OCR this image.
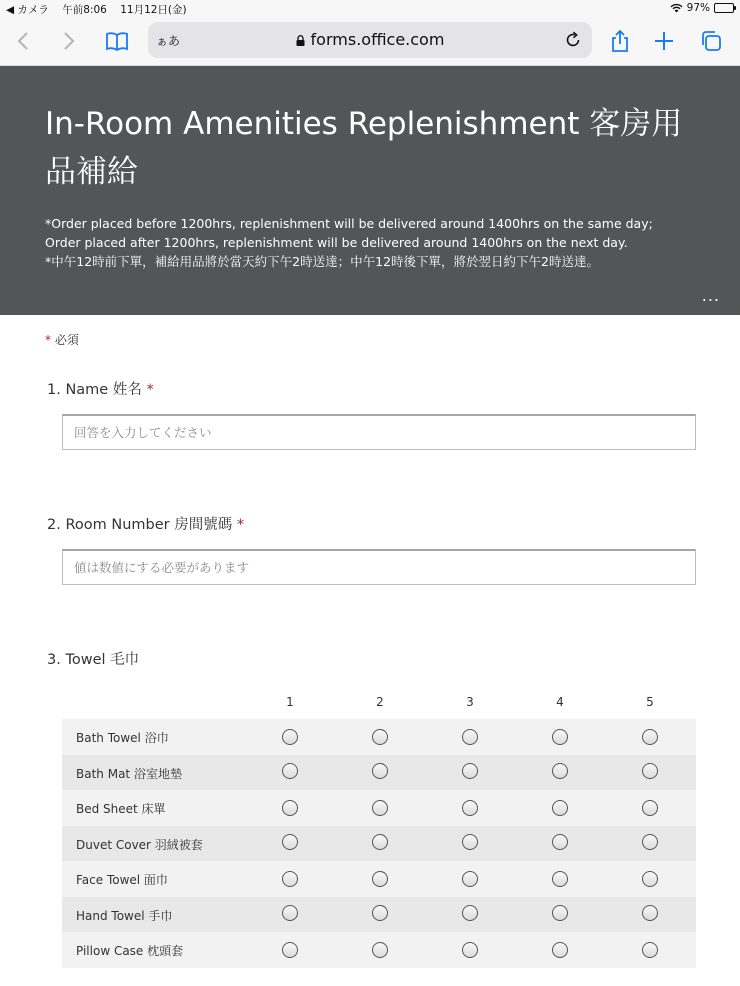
◀ カメラ 午前8:06 11月12日(金)	97%
ぁあ	forms.office.com
In-Room Amenities Replenishment 客房用品補給
*Order placed before 1200hrs, replenishment will be delivered around 1400hrs on the same day;
Order placed after 1200hrs, replenishment will be delivered around 1400hrs on the next day.
*中午12時前下單，補給用品將於當天約下午2時送達；中午12時後下單，將於翌日約下午2時送達。
...
* 必須
1. Name 姓名 *
回答を入力してください
2. Room Number 房間號碼 *
値は数値にする必要があります
3. Towel 毛巾
1	2	3	4	5
Bath Towel 浴巾
Bath Mat 浴室地墊
Bed Sheet 床單
Duvet Cover 羽絨被套
Face Towel 面巾
Hand Towel 手巾
Pillow Case 枕頭套
